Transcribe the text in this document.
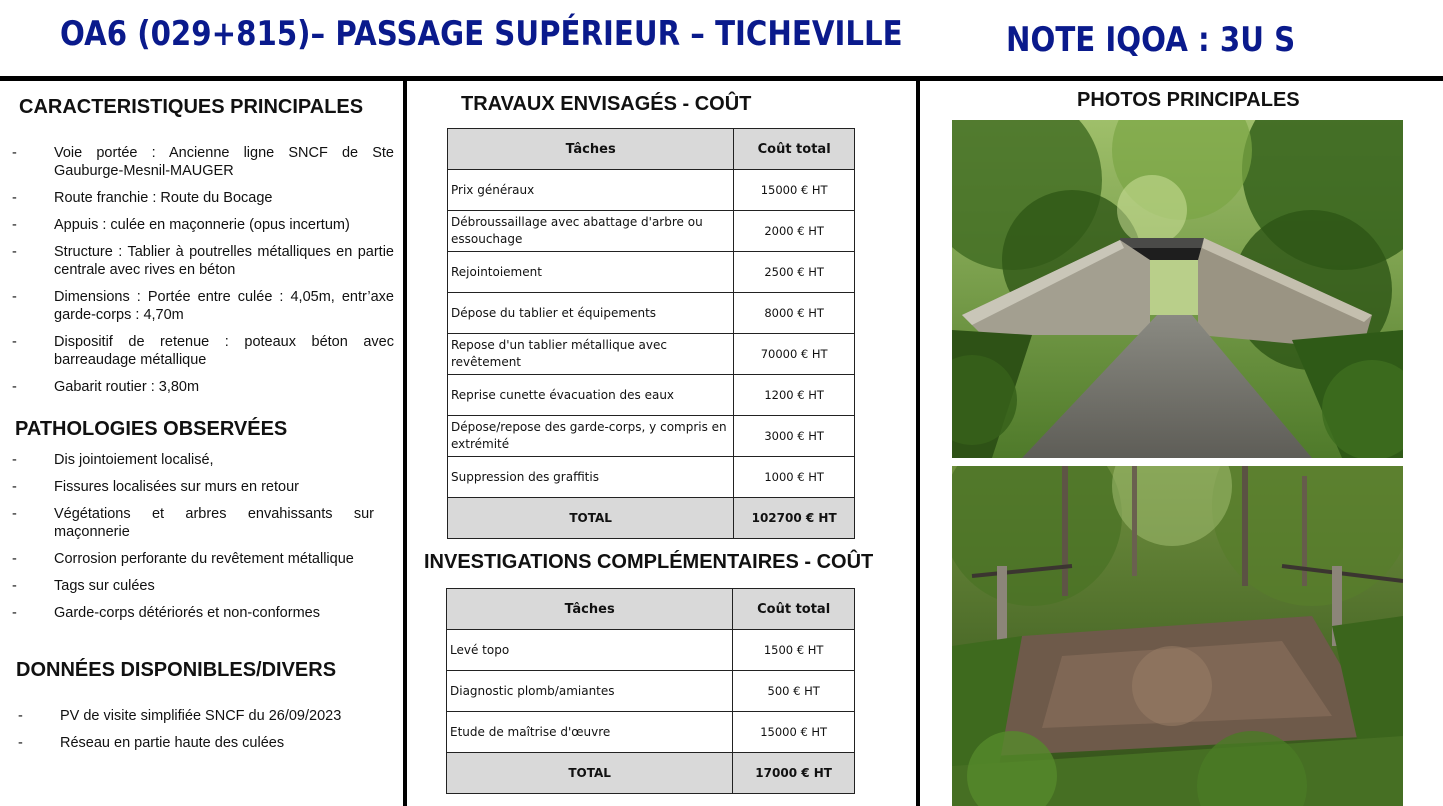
OA6 (029+815)– PASSAGE SUPÉRIEUR – TICHEVILLE	NOTE IQOA : 3U S
CARACTERISTIQUES PRINCIPALES
- Voie portée : Ancienne ligne SNCF de Ste Gauburge-Mesnil-MAUGER
- Route franchie : Route du Bocage
- Appuis : culée en maçonnerie (opus incertum)
- Structure : Tablier à poutrelles métalliques en partie centrale avec rives en béton
- Dimensions : Portée entre culée : 4,05m, entr’axe garde-corps : 4,70m
- Dispositif de retenue : poteaux béton avec barreaudage métallique
- Gabarit routier : 3,80m
PATHOLOGIES OBSERVÉES
- Dis jointoiement localisé,
- Fissures localisées sur murs en retour
- Végétations et arbres envahissants sur maçonnerie
- Corrosion perforante du revêtement métallique
- Tags sur culées
- Garde-corps détériorés et non-conformes
DONNÉES DISPONIBLES/DIVERS
- PV de visite simplifiée SNCF du 26/09/2023
- Réseau en partie haute des culées
TRAVAUX ENVISAGÉS - COÛT
Tâches	Coût total
Prix généraux	15000 € HT
Débroussaillage avec abattage d'arbre ou essouchage	2000 € HT
Rejointoiement	2500 € HT
Dépose du tablier et équipements	8000 € HT
Repose d'un tablier métallique avec revêtement	70000 € HT
Reprise cunette évacuation des eaux	1200 € HT
Dépose/repose des garde-corps, y compris en extrémité	3000 € HT
Suppression des graffitis	1000 € HT
TOTAL	102700 € HT
INVESTIGATIONS COMPLÉMENTAIRES - COÛT
Tâches	Coût total
Levé topo	1500 € HT
Diagnostic plomb/amiantes	500 € HT
Etude de maîtrise d'œuvre	15000 € HT
TOTAL	17000 € HT
PHOTOS PRINCIPALES
